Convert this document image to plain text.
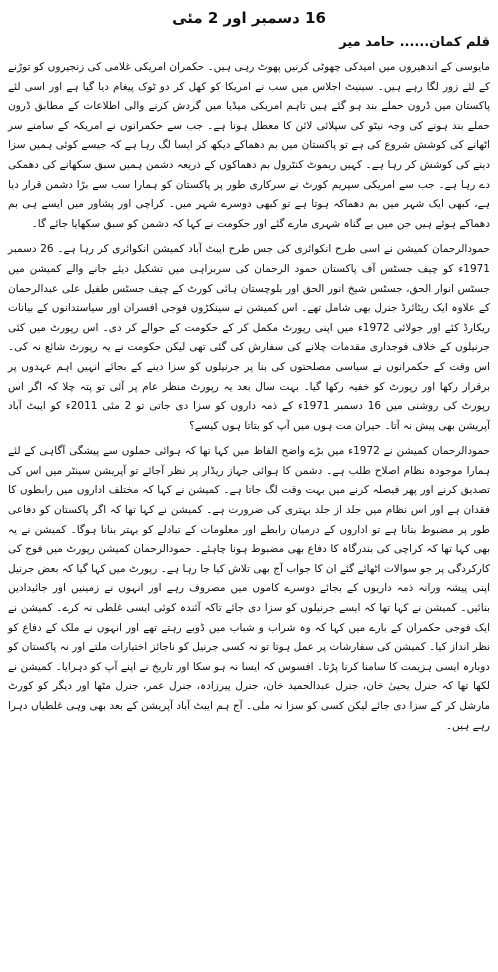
16 دسمبر اور 2 مئی
قلم کمان...... حامد میر

مایوسی کے اندھیروں میں امیدکی چھوٹی کرنیں پھوٹ رہی ہیں۔ حکمران امریکی غلامی کی زنجیروں کو توڑنے کے لئے زور لگا رہے ہیں۔ سینیٹ اجلاس میں سب نے امریکا کو کھل کر دو ٹوک پیغام دیا گیا ہے اور اسی لئے پاکستان میں ڈرون حملے بند ہو گئے ہیں تاہم امریکی میڈیا میں گردش کرنے والی اطلاعات کے مطابق ڈرون حملے بند ہونے کی وجہ نیٹو کی سپلائی لائن کا معطل ہونا ہے۔ جب سے حکمرانوں نے امریکہ کے سامنے سر اٹھانے کی کوشش شروع کی ہے تو پاکستان میں بم دھماکے دیکھ کر ایسا لگ رہا ہے کہ جیسے کوئی ہمیں سزا دینے کی کوشش کر رہا ہے۔ کہیں ریموٹ کنٹرول بم دھماکوں کے ذریعہ دشمن ہمیں سبق سکھانے کی دھمکی دے رہا ہے۔ جب سے امریکی سپریم کورٹ نے سرکاری طور پر پاکستان کو ہمارا سب سے بڑا دشمن قرار دیا ہے، کبھی ایک شہر میں بم دھماکہ ہوتا ہے تو کبھی دوسرے شہر میں۔ کراچی اور پشاور میں ایسے ہی بم دھماکے ہوئے ہیں جن میں بے گناہ شہری مارے گئے اور حکومت نے کہا کہ دشمن کو سبق سکھایا جائے گا۔

حمودالرحمان کمیشن نے اسی طرح انکوائری کی جس طرح ایبٹ آباد کمیشن انکوائری کر رہا ہے۔ 26 دسمبر 1971ء کو چیف جسٹس آف پاکستان حمود الرحمان کی سربراہی میں تشکیل دیئے جانے والے کمیشن میں جسٹس انوار الحق، جسٹس شیخ انور الحق اور بلوچستان ہائی کورٹ کے چیف جسٹس طفیل علی عبدالرحمان کے علاوہ ایک ریٹائرڈ جنرل بھی شامل تھے۔ اس کمیشن نے سینکڑوں فوجی افسران اور سیاستدانوں کے بیانات ریکارڈ کئے اور جولائی 1972ء میں اپنی رپورٹ مکمل کر کے حکومت کے حوالے کر دی۔ اس رپورٹ میں کئی جرنیلوں کے خلاف فوجداری مقدمات چلانے کی سفارش کی گئی تھی لیکن حکومت نے یہ رپورٹ شائع نہ کی۔ اس وقت کے حکمرانوں نے سیاسی مصلحتوں کی بنا پر جرنیلوں کو سزا دینے کے بجائے انہیں اہم عہدوں پر برقرار رکھا اور رپورٹ کو خفیہ رکھا گیا۔ بہت سال بعد یہ رپورٹ منظر عام پر آئی تو پتہ چلا کہ اگر اس رپورٹ کی روشنی میں 16 دسمبر 1971ء کے ذمہ داروں کو سزا دی جاتی تو 2 مئی 2011ء کو ایبٹ آباد آپریشن بھی پیش نہ آتا۔ حیران مت ہوں میں آپ کو بتاتا ہوں کیسے؟

حمودالرحمان کمیشن نے 1972ء میں بڑے واضح الفاظ میں کہا تھا کہ ہوائی حملوں سے پیشگی آگاہی کے لئے ہمارا موجودہ نظام اصلاح طلب ہے۔ دشمن کا ہوائی جہاز ریڈار پر نظر آجائے تو آپریشن سینٹر میں اس کی تصدیق کرنے اور پھر فیصلہ کرنے میں بہت وقت لگ جاتا ہے۔ کمیشن نے کہا کہ مختلف اداروں میں رابطوں کا فقدان ہے اور اس نظام میں جلد از جلد بہتری کی ضرورت ہے۔ کمیشن نے کہا تھا کہ اگر پاکستان کو دفاعی طور پر مضبوط بنانا ہے تو اداروں کے درمیان رابطے اور معلومات کے تبادلے کو بہتر بنانا ہوگا۔ کمیشن نے یہ بھی کہا تھا کہ کراچی کی بندرگاہ کا دفاع بھی مضبوط ہونا چاہئے۔ حمودالرحمان کمیشن رپورٹ میں فوج کی کارکردگی پر جو سوالات اٹھائے گئے ان کا جواب آج بھی تلاش کیا جا رہا ہے۔ رپورٹ میں کہا گیا کہ بعض جرنیل اپنی پیشہ ورانہ ذمہ داریوں کے بجائے دوسرے کاموں میں مصروف رہے اور انہوں نے زمینیں اور جائیدادیں بنائیں۔ کمیشن نے کہا تھا کہ ایسے جرنیلوں کو سزا دی جائے تاکہ آئندہ کوئی ایسی غلطی نہ کرے۔ کمیشن نے ایک فوجی حکمران کے بارے میں کہا کہ وہ شراب و شباب میں ڈوبے رہتے تھے اور انہوں نے ملک کے دفاع کو نظر انداز کیا۔ کمیشن کی سفارشات پر عمل ہوتا تو نہ کسی جرنیل کو ناجائز اختیارات ملتے اور نہ پاکستان کو دوبارہ ایسی ہزیمت کا سامنا کرنا پڑتا۔ افسوس کہ ایسا نہ ہو سکا اور تاریخ نے اپنے آپ کو دہرایا۔ کمیشن نے لکھا تھا کہ جنرل یحییٰ خان، جنرل عبدالحمید خان، جنرل پیرزادہ، جنرل عمر، جنرل مٹھا اور دیگر کو کورٹ مارشل کر کے سزا دی جائے لیکن کسی کو سزا نہ ملی۔ آج ہم ایبٹ آباد آپریشن کے بعد بھی وہی غلطیاں دہرا رہے ہیں۔
